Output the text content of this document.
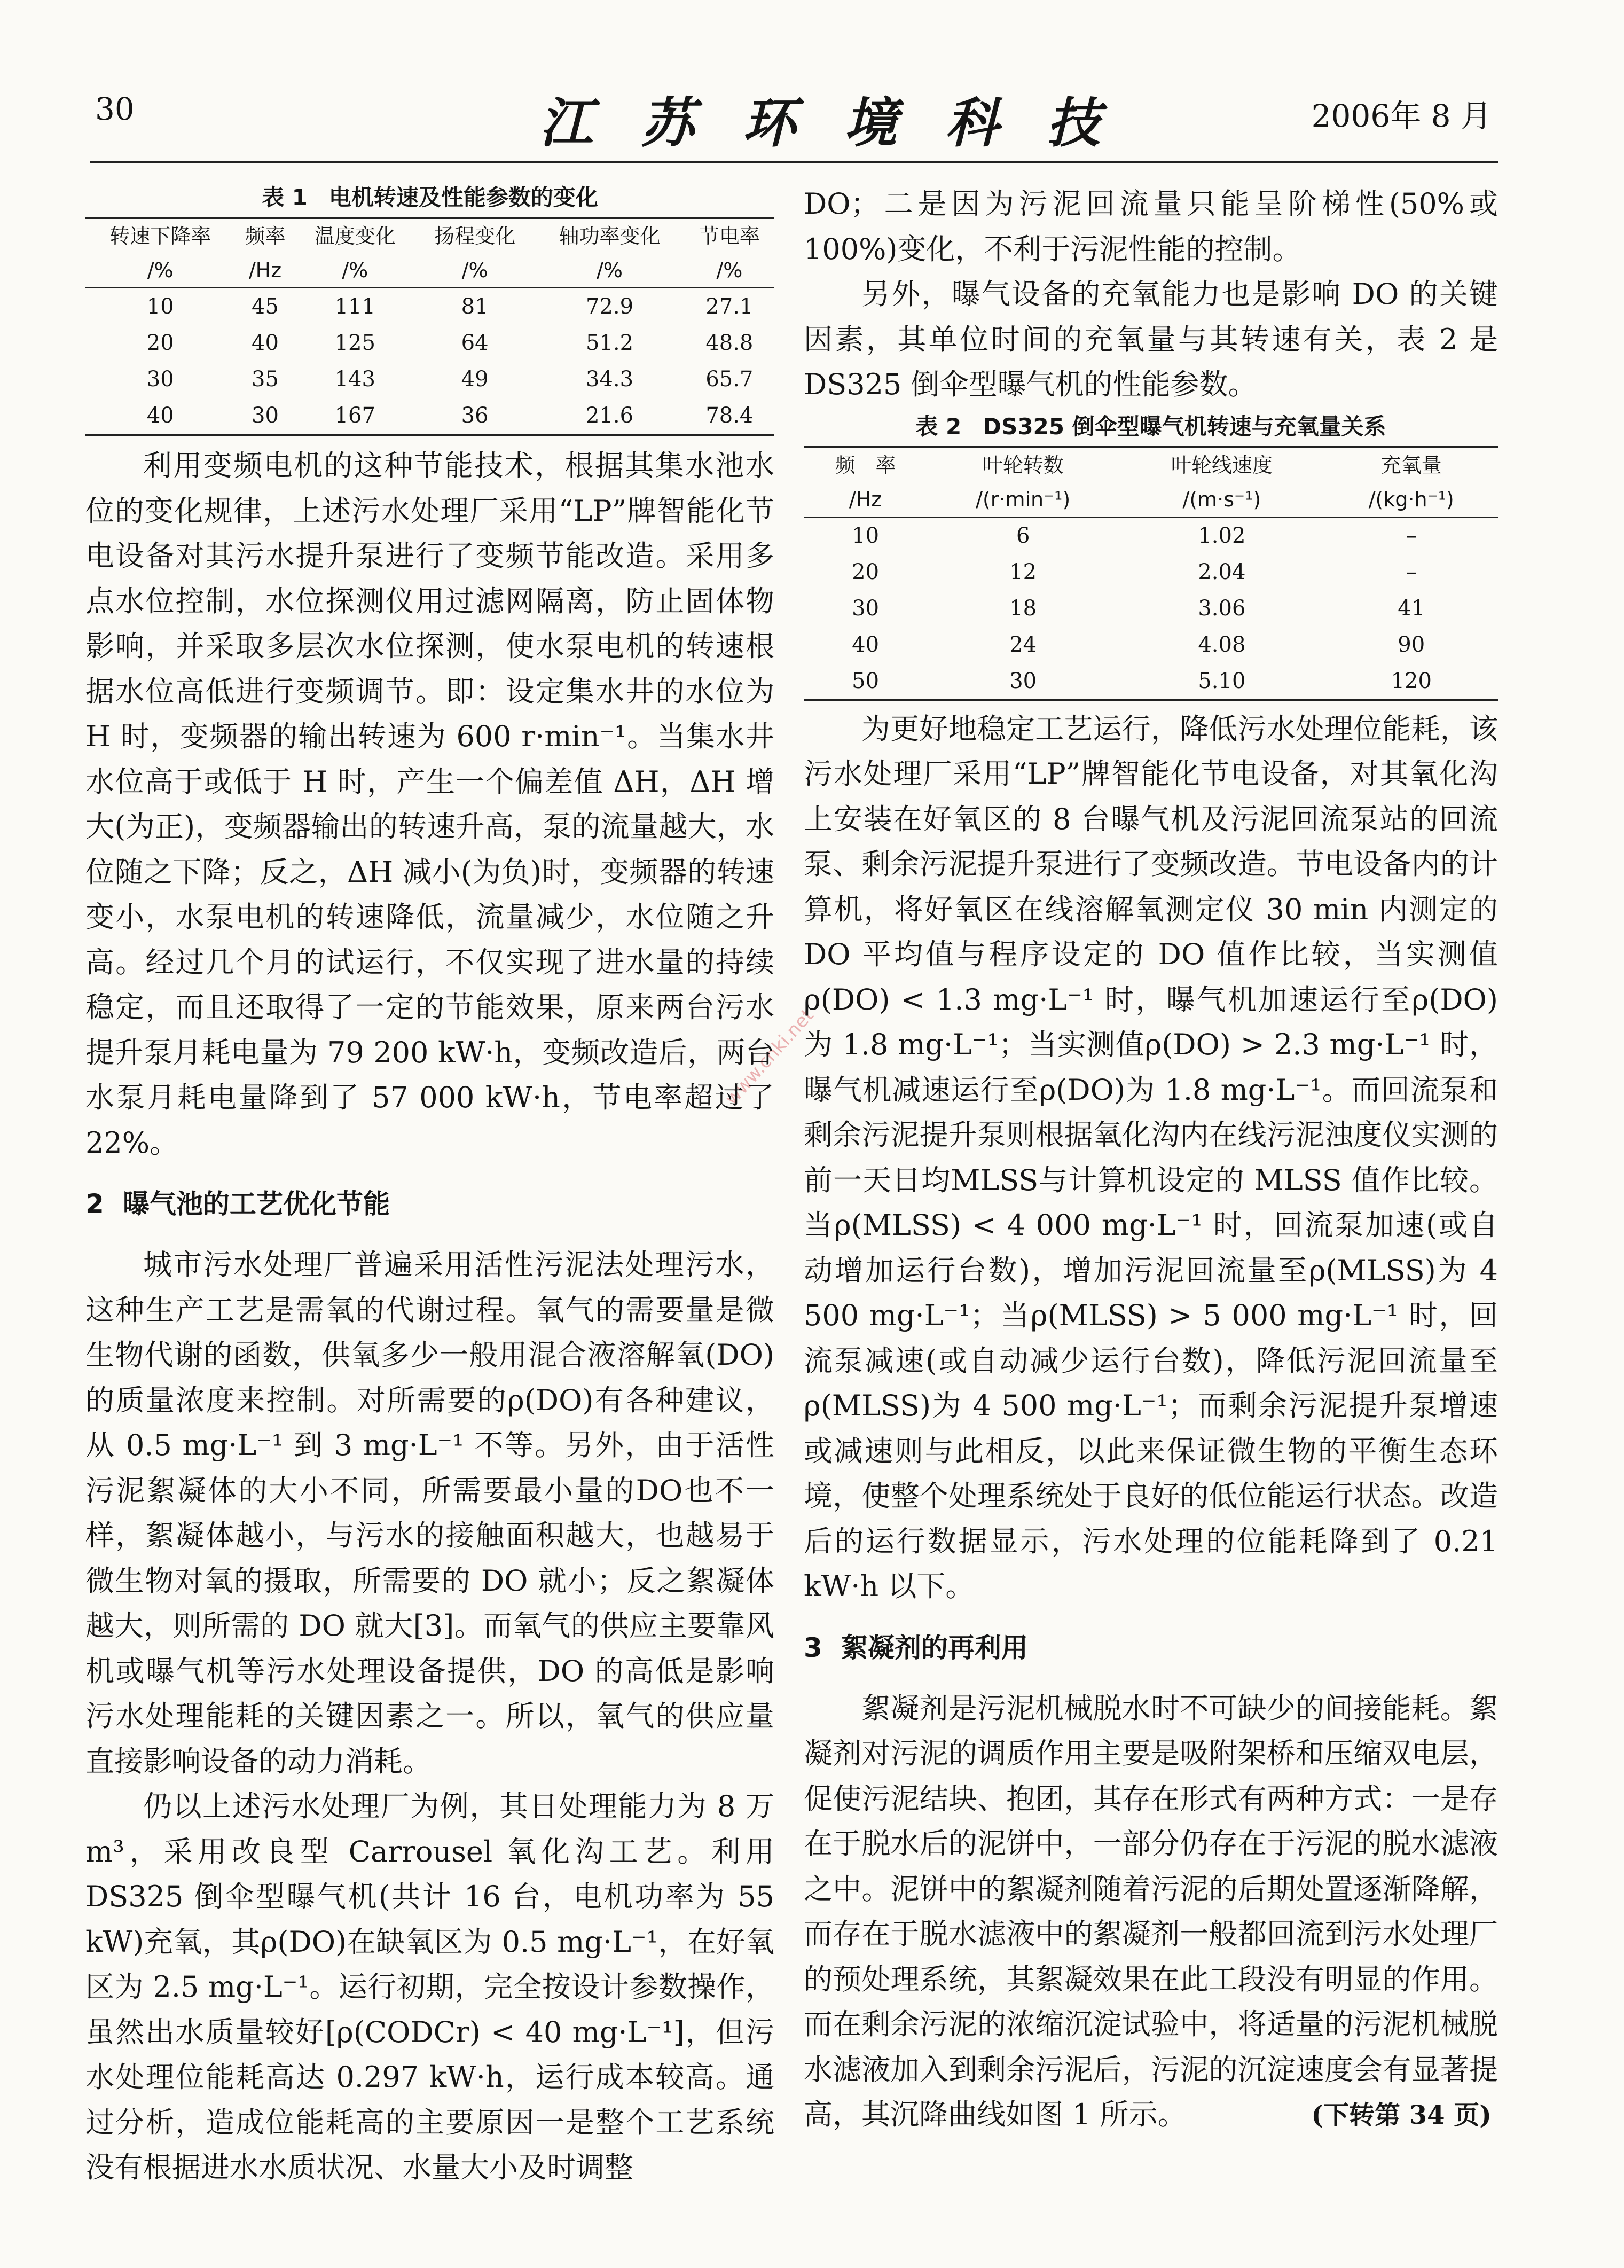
30	江苏环境科技	2006年 8 月
www.cnki.net
表 1 电机转速及性能参数的变化
转速下降率	频率	温度变化	扬程变化	轴功率变化	节电率
/%	/Hz	/%	/%	/%	/%
10	45	111	81	72.9	27.1
20	40	125	64	51.2	48.8
30	35	143	49	34.3	65.7
40	30	167	36	21.6	78.4

利用变频电机的这种节能技术，根据其集水池水位的变化规律，上述污水处理厂采用“LP”牌智能化节电设备对其污水提升泵进行了变频节能改造。采用多点水位控制，水位探测仪用过滤网隔离，防止固体物影响，并采取多层次水位探测，使水泵电机的转速根据水位高低进行变频调节。即：设定集水井的水位为 H 时，变频器的输出转速为 600 r·min⁻¹。当集水井水位高于或低于 H 时，产生一个偏差值 ΔH，ΔH 增大(为正)，变频器输出的转速升高，泵的流量越大，水位随之下降；反之，ΔH 减小(为负)时，变频器的转速变小，水泵电机的转速降低，流量减少，水位随之升高。经过几个月的试运行，不仅实现了进水量的持续稳定，而且还取得了一定的节能效果，原来两台污水提升泵月耗电量为 79 200 kW·h，变频改造后，两台水泵月耗电量降到了 57 000 kW·h，节电率超过了 22%。

2 曝气池的工艺优化节能

城市污水处理厂普遍采用活性污泥法处理污水，这种生产工艺是需氧的代谢过程。氧气的需要量是微生物代谢的函数，供氧多少一般用混合液溶解氧(DO)的质量浓度来控制。对所需要的ρ(DO)有各种建议，从 0.5 mg·L⁻¹ 到 3 mg·L⁻¹ 不等。另外，由于活性污泥絮凝体的大小不同，所需要最小量的DO也不一样，絮凝体越小，与污水的接触面积越大，也越易于微生物对氧的摄取，所需要的 DO 就小；反之絮凝体越大，则所需的 DO 就大[3]。而氧气的供应主要靠风机或曝气机等污水处理设备提供，DO 的高低是影响污水处理能耗的关键因素之一。所以，氧气的供应量直接影响设备的动力消耗。

仍以上述污水处理厂为例，其日处理能力为 8 万 m³，采用改良型 Carrousel 氧化沟工艺。利用 DS325 倒伞型曝气机(共计 16 台，电机功率为 55 kW)充氧，其ρ(DO)在缺氧区为 0.5 mg·L⁻¹，在好氧区为 2.5 mg·L⁻¹。运行初期，完全按设计参数操作，虽然出水质量较好[ρ(CODCr) < 40 mg·L⁻¹]，但污水处理位能耗高达 0.297 kW·h，运行成本较高。通过分析，造成位能耗高的主要原因一是整个工艺系统没有根据进水水质状况、水量大小及时调整

DO；二是因为污泥回流量只能呈阶梯性(50%或100%)变化，不利于污泥性能的控制。

另外，曝气设备的充氧能力也是影响 DO 的关键因素，其单位时间的充氧量与其转速有关，表 2 是 DS325 倒伞型曝气机的性能参数。

表 2 DS325 倒伞型曝气机转速与充氧量关系
频　率	叶轮转数	叶轮线速度	充氧量
/Hz	/(r·min⁻¹)	/(m·s⁻¹)	/(kg·h⁻¹)
10	6	1.02	–
20	12	2.04	–
30	18	3.06	41
40	24	4.08	90
50	30	5.10	120

为更好地稳定工艺运行，降低污水处理位能耗，该污水处理厂采用“LP”牌智能化节电设备，对其氧化沟上安装在好氧区的 8 台曝气机及污泥回流泵站的回流泵、剩余污泥提升泵进行了变频改造。节电设备内的计算机，将好氧区在线溶解氧测定仪 30 min 内测定的 DO 平均值与程序设定的 DO 值作比较，当实测值ρ(DO) < 1.3 mg·L⁻¹ 时，曝气机加速运行至ρ(DO)为 1.8 mg·L⁻¹；当实测值ρ(DO) > 2.3 mg·L⁻¹ 时，曝气机减速运行至ρ(DO)为 1.8 mg·L⁻¹。而回流泵和剩余污泥提升泵则根据氧化沟内在线污泥浊度仪实测的前一天日均MLSS与计算机设定的 MLSS 值作比较。当ρ(MLSS) < 4 000 mg·L⁻¹ 时，回流泵加速(或自动增加运行台数)，增加污泥回流量至ρ(MLSS)为 4 500 mg·L⁻¹；当ρ(MLSS) > 5 000 mg·L⁻¹ 时，回流泵减速(或自动减少运行台数)，降低污泥回流量至ρ(MLSS)为 4 500 mg·L⁻¹；而剩余污泥提升泵增速或减速则与此相反，以此来保证微生物的平衡生态环境，使整个处理系统处于良好的低位能运行状态。改造后的运行数据显示，污水处理的位能耗降到了 0.21 kW·h 以下。

3 絮凝剂的再利用

絮凝剂是污泥机械脱水时不可缺少的间接能耗。絮凝剂对污泥的调质作用主要是吸附架桥和压缩双电层，促使污泥结块、抱团，其存在形式有两种方式：一是存在于脱水后的泥饼中，一部分仍存在于污泥的脱水滤液之中。泥饼中的絮凝剂随着污泥的后期处置逐渐降解，而存在于脱水滤液中的絮凝剂一般都回流到污水处理厂的预处理系统，其絮凝效果在此工段没有明显的作用。而在剩余污泥的浓缩沉淀试验中，将适量的污泥机械脱水滤液加入到剩余污泥后，污泥的沉淀速度会有显著提高，其沉降曲线如图 1 所示。	(下转第 34 页)
